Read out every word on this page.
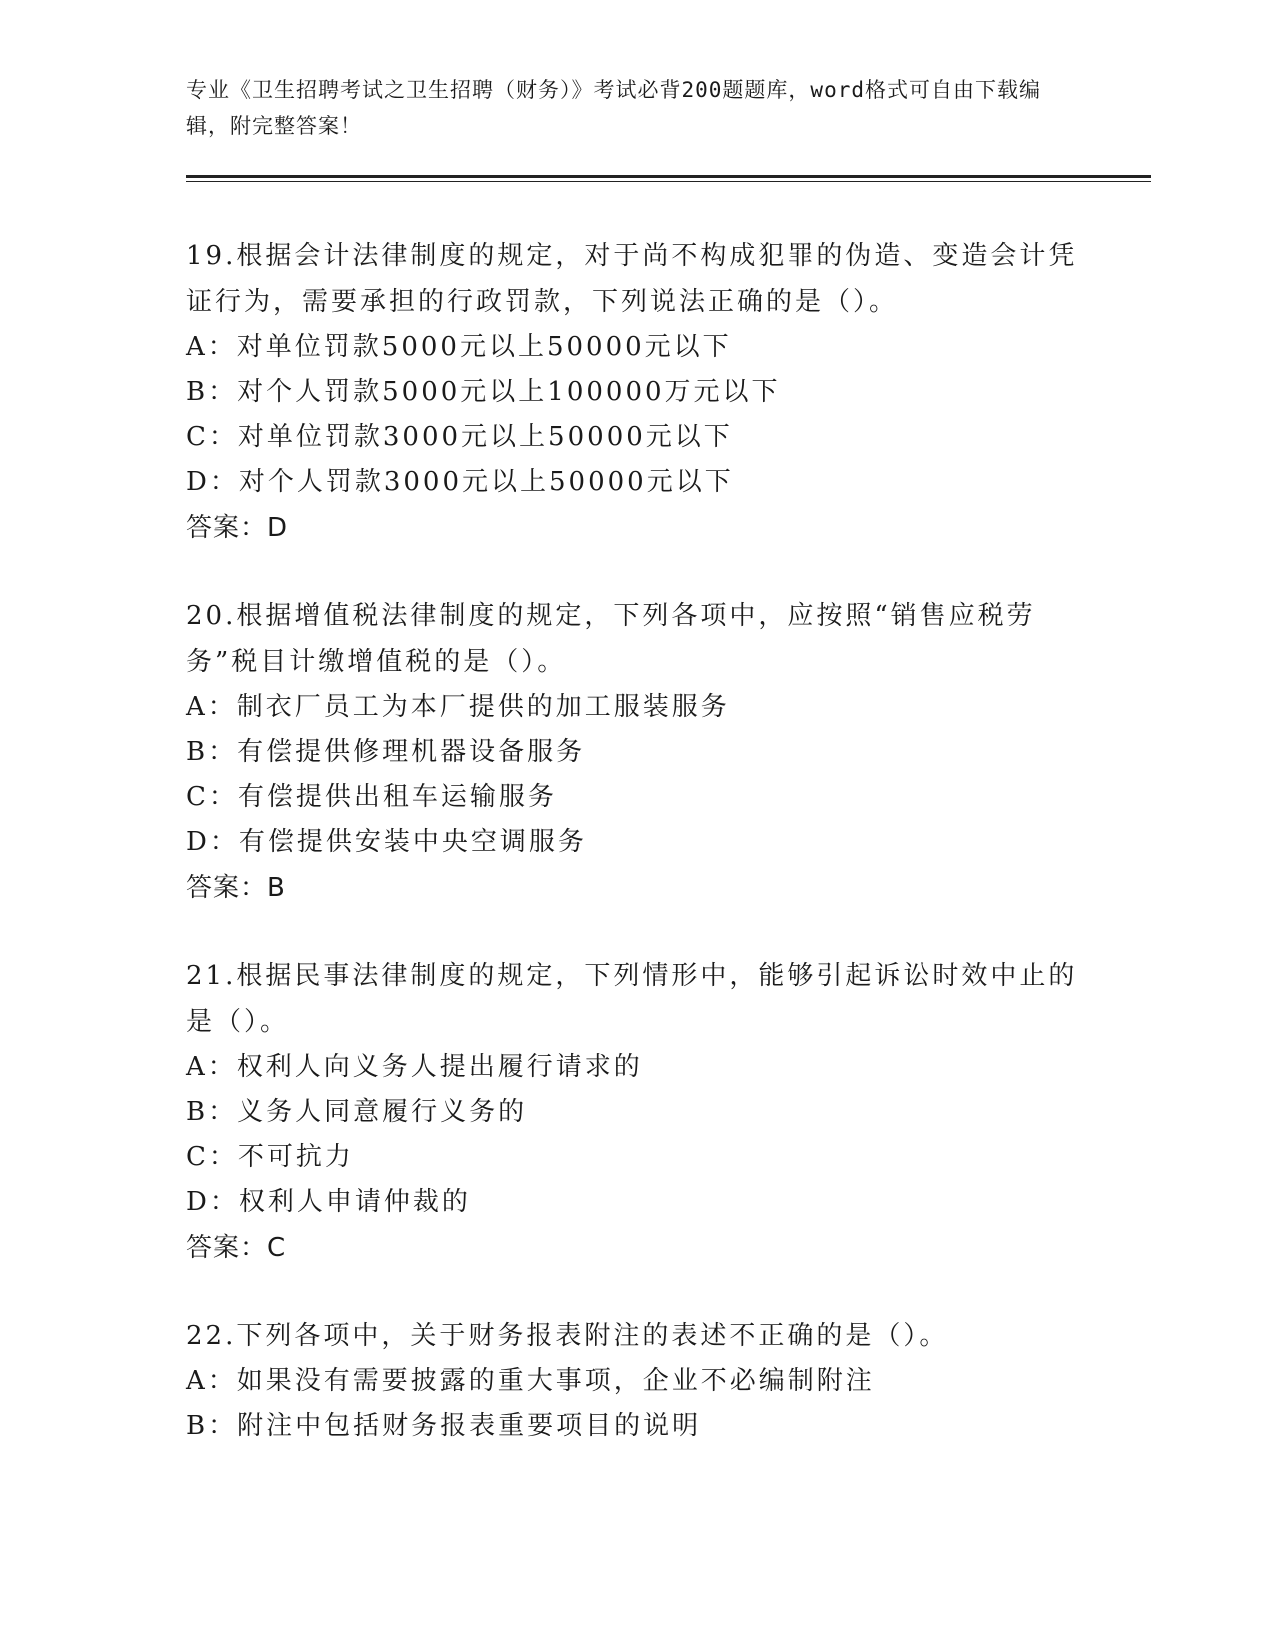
专业《卫生招聘考试之卫生招聘（财务）》考试必背200题题库，word格式可自由下载编辑，附完整答案！

19.根据会计法律制度的规定，对于尚不构成犯罪的伪造、变造会计凭证行为，需要承担的行政罚款，下列说法正确的是（）。

A：对单位罚款5000元以上50000元以下

B：对个人罚款5000元以上100000万元以下

C：对单位罚款3000元以上50000元以下

D：对个人罚款3000元以上50000元以下

答案：D

20.根据增值税法律制度的规定，下列各项中，应按照“销售应税劳务”税目计缴增值税的是（）。

A：制衣厂员工为本厂提供的加工服装服务

B：有偿提供修理机器设备服务

C：有偿提供出租车运输服务

D：有偿提供安装中央空调服务

答案：B

21.根据民事法律制度的规定，下列情形中，能够引起诉讼时效中止的是（）。

A：权利人向义务人提出履行请求的

B：义务人同意履行义务的

C：不可抗力

D：权利人申请仲裁的

答案：C

22.下列各项中，关于财务报表附注的表述不正确的是（）。

A：如果没有需要披露的重大事项，企业不必编制附注

B：附注中包括财务报表重要项目的说明
